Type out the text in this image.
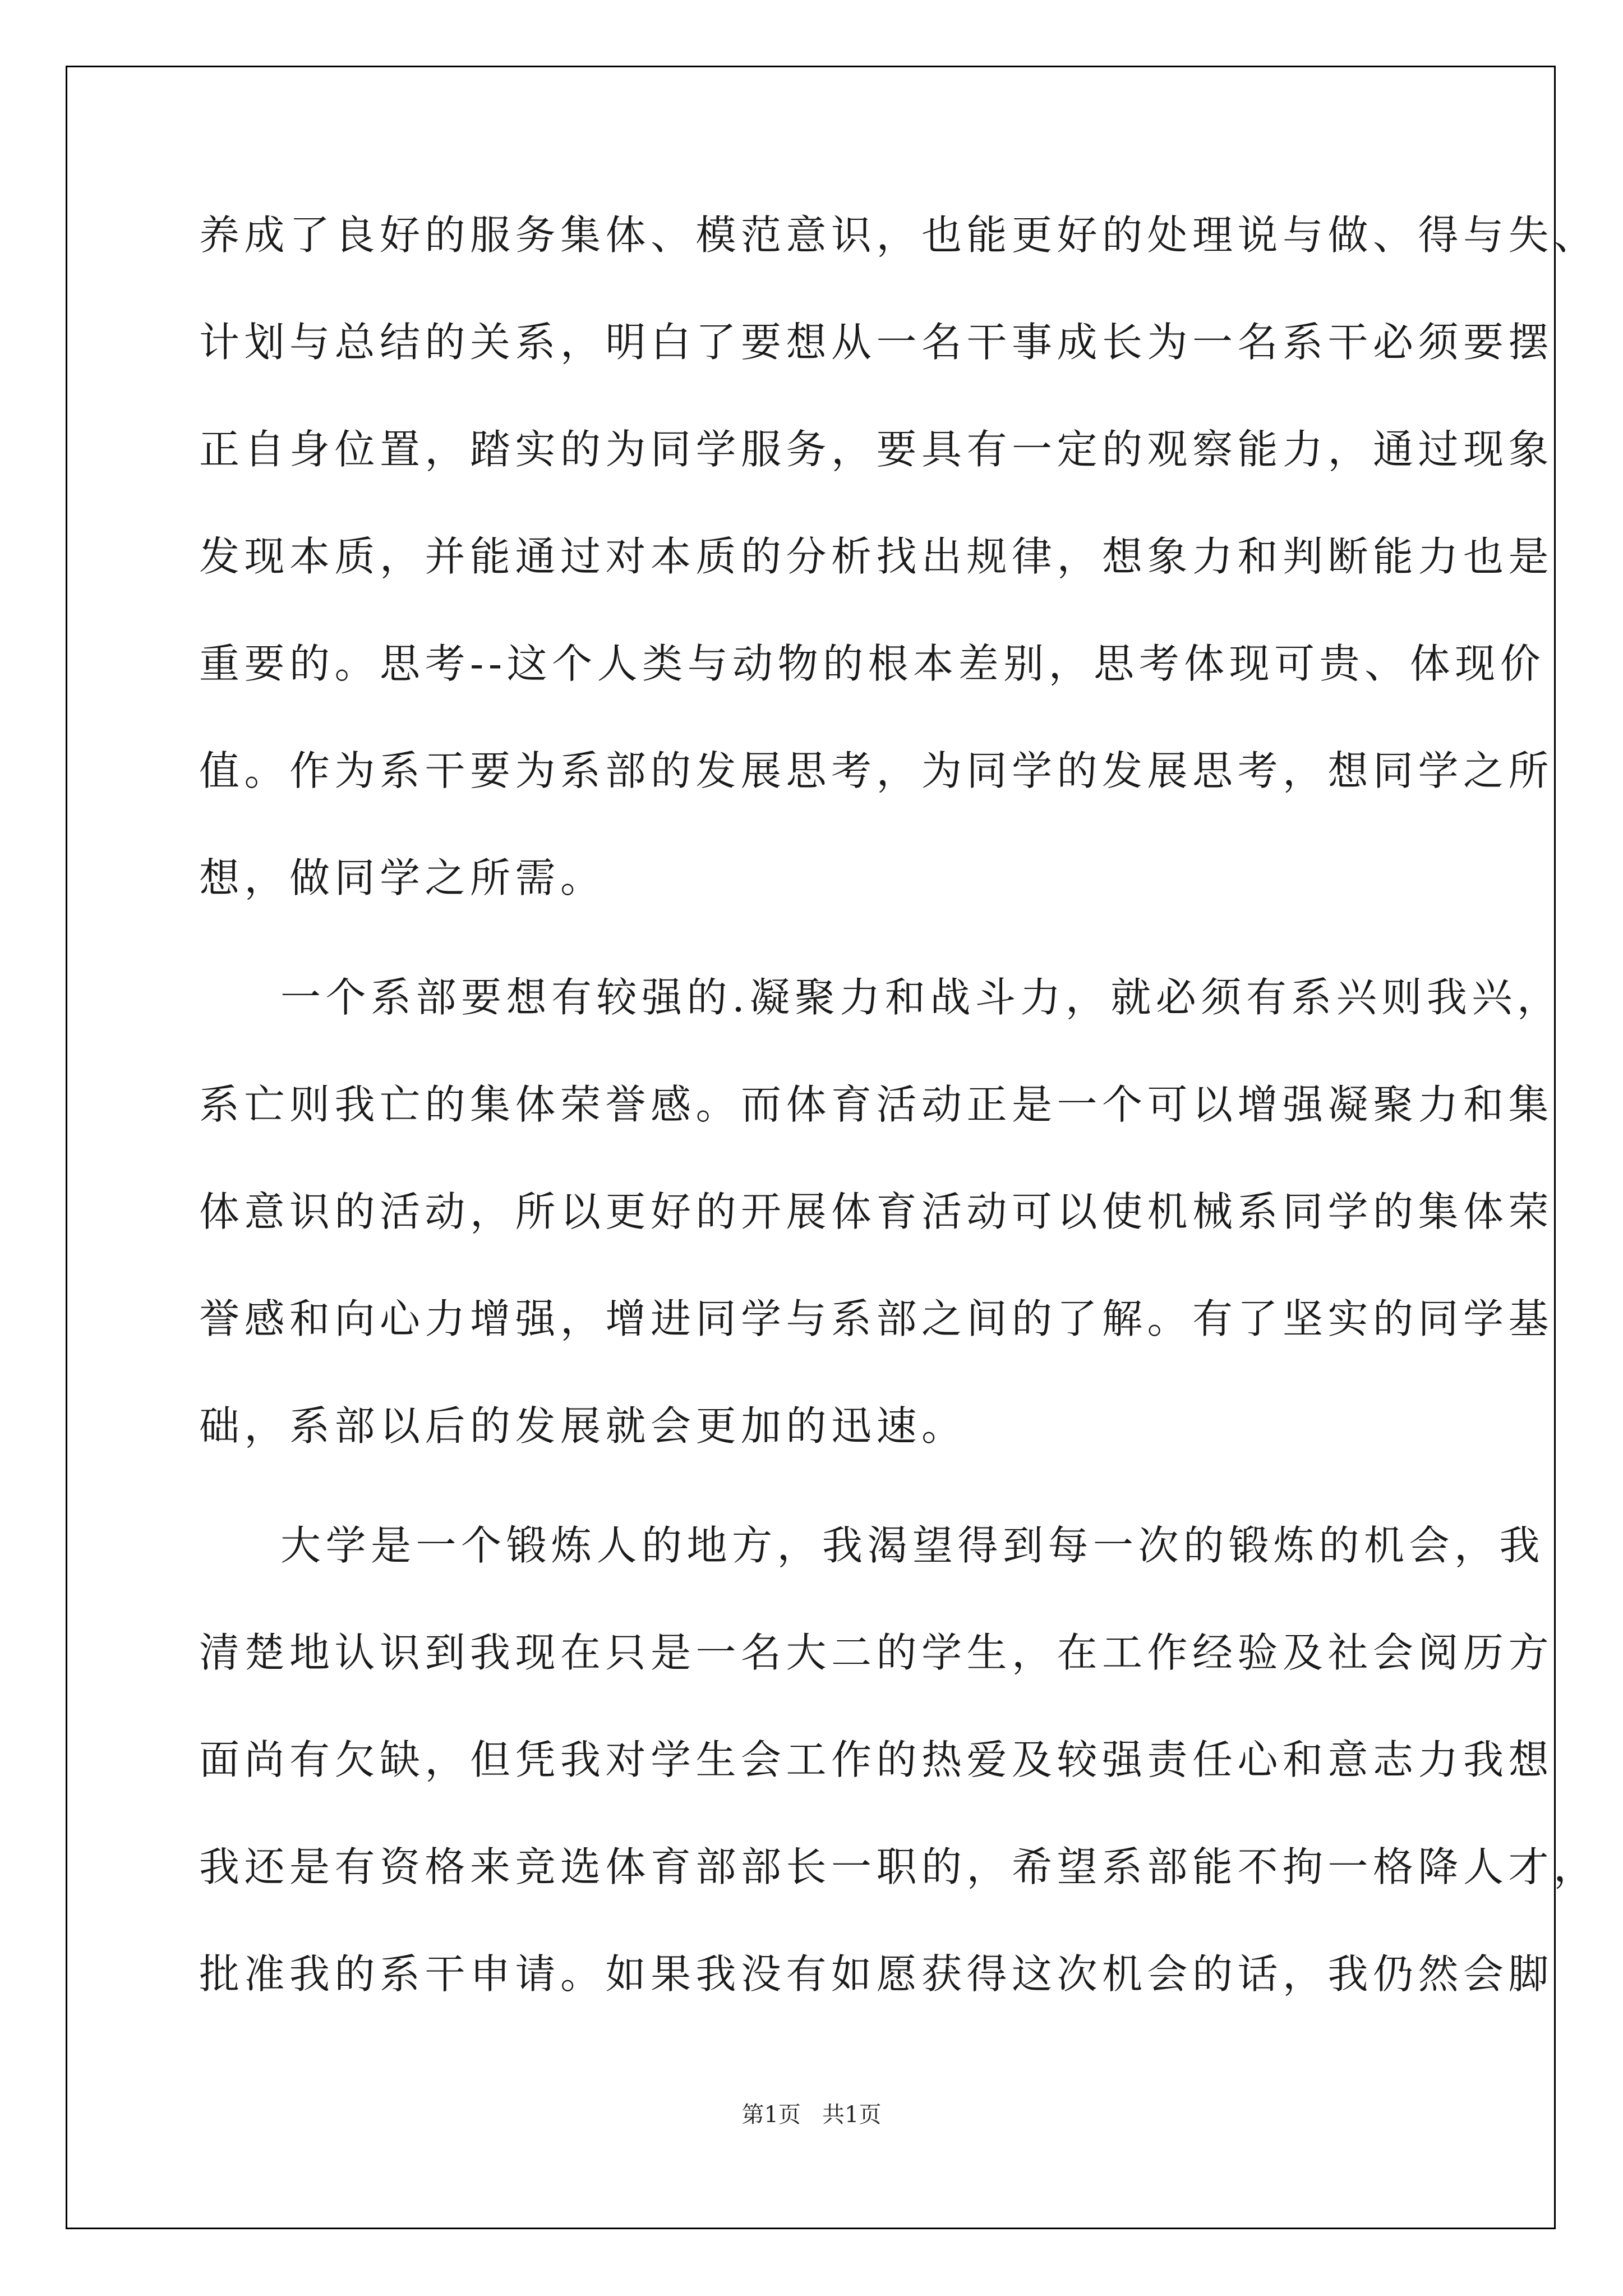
养成了良好的服务集体、模范意识，也能更好的处理说与做、得与失、
计划与总结的关系，明白了要想从一名干事成长为一名系干必须要摆
正自身位置，踏实的为同学服务，要具有一定的观察能力，通过现象
发现本质，并能通过对本质的分析找出规律，想象力和判断能力也是
重要的。思考--这个人类与动物的根本差别，思考体现可贵、体现价
值。作为系干要为系部的发展思考，为同学的发展思考，想同学之所
想，做同学之所需。
一个系部要想有较强的.凝聚力和战斗力，就必须有系兴则我兴，
系亡则我亡的集体荣誉感。而体育活动正是一个可以增强凝聚力和集
体意识的活动，所以更好的开展体育活动可以使机械系同学的集体荣
誉感和向心力增强，增进同学与系部之间的了解。有了坚实的同学基
础，系部以后的发展就会更加的迅速。
大学是一个锻炼人的地方，我渴望得到每一次的锻炼的机会，我
清楚地认识到我现在只是一名大二的学生，在工作经验及社会阅历方
面尚有欠缺，但凭我对学生会工作的热爱及较强责任心和意志力我想
我还是有资格来竞选体育部部长一职的，希望系部能不拘一格降人才，
批准我的系干申请。如果我没有如愿获得这次机会的话，我仍然会脚
第1页   共1页
